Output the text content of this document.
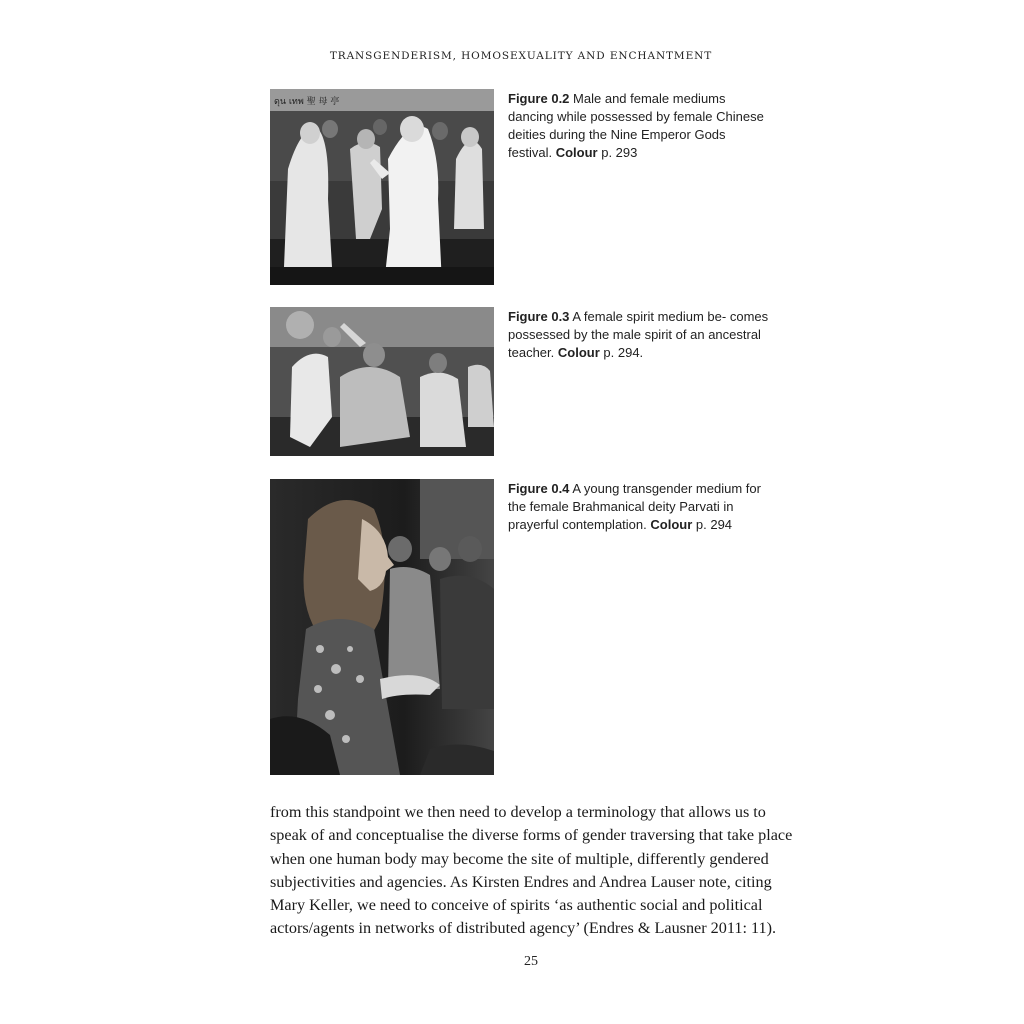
TRANSGENDERISM, HOMOSEXUALITY AND ENCHANTMENT
ดุน เทพ 聖 母 亭	Figure 0.2 Male and female mediums dancing while possessed by female Chinese deities during the Nine Emperor Gods festival. Colour p. 293
Figure 0.3 A female spirit medium be- comes possessed by the male spirit of an ancestral teacher. Colour p. 294.
Figure 0.4 A young transgender medium for the female Brahmanical deity Parvati in prayerful contemplation. Colour p. 294
from this standpoint we then need to develop a terminology that allows us to
speak of and conceptualise the diverse forms of gender traversing that take place
when one human body may become the site of multiple, differently gendered
subjectivities and agencies. As Kirsten Endres and Andrea Lauser note, citing
Mary Keller, we need to conceive of spirits ‘as authentic social and political
actors/agents in networks of distributed agency’ (Endres & Lausner 2011: 11).
25
